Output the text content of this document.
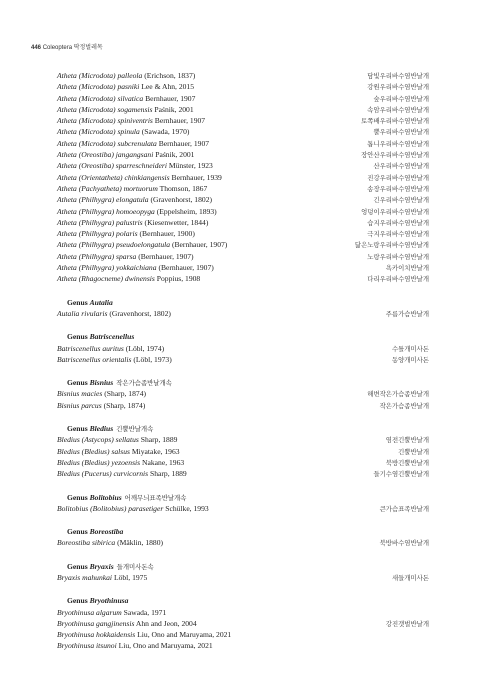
446 Coleoptera 딱정벌레목
Atheta (Microdota) palleola (Erichson, 1837)	담빛우리바수염반날개
Atheta (Microdota) pasniki Lee & Ahn, 2015	강원우리바수염반날개
Atheta (Microdota) silvatica Bernhauer, 1907	숲우리바수염반날개
Atheta (Microdota) sogamensis Paśnik, 2001	속암우리바수염반날개
Atheta (Microdota) spiniventris Bernhauer, 1907	토쪽배우리바수염반날개
Atheta (Microdota) spinula (Sawada, 1970)	뿔우리바수염반날개
Atheta (Microdota) subcrenulata Bernhauer, 1907	톱니우리바수염반날개
Atheta (Oreostiba) jangangsani Paśnik, 2001	장안산우리바수염반날개
Atheta (Oreostiba) sparreschneideri Münster, 1923	산우리바수염반날개
Atheta (Orientatheta) chinkiangensis Bernhauer, 1939	진강우리바수염반날개
Atheta (Pachyatheta) mortuorum Thomson, 1867	송장우리바수염반날개
Atheta (Philhygra) elongatula (Gravenhorst, 1802)	긴우리바수염반날개
Atheta (Philhygra) homoeopyga (Eppelsheim, 1893)	엉덩이우리바수염반날개
Atheta (Philhygra) palustris (Kiesenwetter, 1844)	습지우리바수염반날개
Atheta (Philhygra) polaris (Bernhauer, 1900)	극지우리바수염반날개
Atheta (Philhygra) pseudoelongatula (Bernhauer, 1907)	닮은노랑우리바수염반날개
Atheta (Philhygra) sparsa (Bernhauer, 1907)	노랑우리바수염반날개
Atheta (Philhygra) yokkaichiana (Bernhauer, 1907)	욕카이치반날개
Atheta (Rhagocneme) dwinensis Poppius, 1908	다리우리바수염반날개
Genus Autalia
Autalia rivularis (Gravenhorst, 1802)	주름가슴반날개
Genus Batriscenellus
Batriscenellus auritus (Löbl, 1974)	수틀개미사돈
Batriscenellus orientalis (Löbl, 1973)	동양개미사돈
Genus Bisnius 작은가슴좀반날개속
Bisnius macies (Sharp, 1874)	해변작은가슴좀반날개
Bisnius parcus (Sharp, 1874)	작은가슴좀반날개
Genus Bledius 긴뿔반날개속
Bledius (Astycops) sellatus Sharp, 1889	염전긴뿔반날개
Bledius (Bledius) salsus Miyatake, 1963	긴뿔반날개
Bledius (Bledius) yezoensis Nakane, 1963	북방긴뿔반날개
Bledius (Pucerus) curvicornis Sharp, 1889	들기수염긴뿔반날개
Genus Bolitobius 어깨무늬표족반날개속
Bolitobius (Bolitobius) parasetiger Schülke, 1993	큰가슴표족반날개
Genus Boreostiba
Boreostiba sibirica (Mäklin, 1880)	북방바수염반날개
Genus Bryaxis 들개미사돈속
Bryaxis mahunkai Löbl, 1975	새들개미사돈
Genus Bryothinusa
Bryothinusa algarum Sawada, 1971
Bryothinusa gangjinensis Ahn and Jeon, 2004	강진갯벌반날개
Bryothinusa hokkaidensis Liu, Ono and Maruyama, 2021
Bryothinusa itsunoi Liu, Ono and Maruyama, 2021
